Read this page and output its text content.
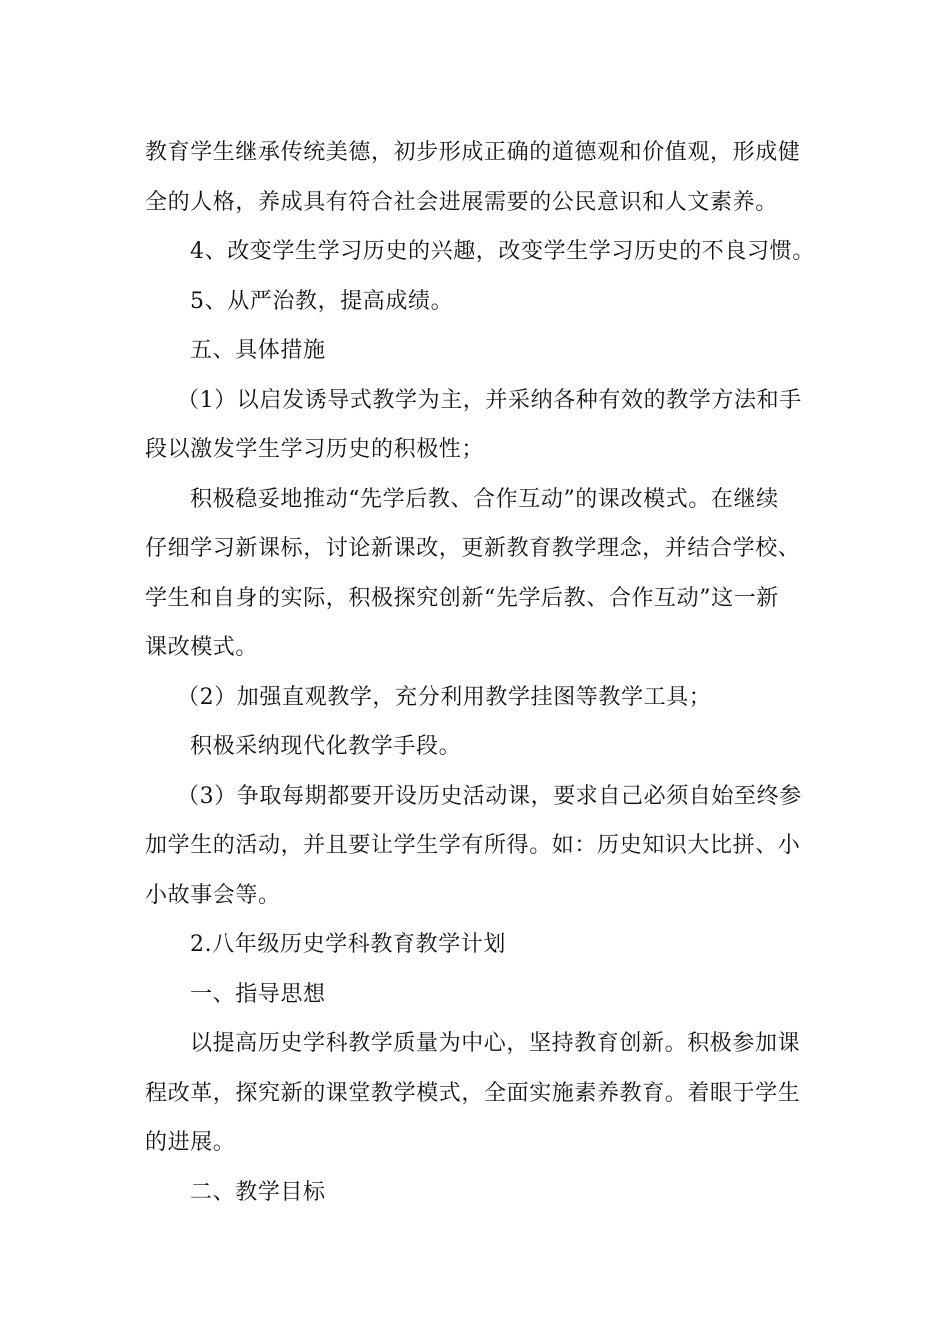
教育学生继承传统美德，初步形成正确的道德观和价值观，形成健
全的人格，养成具有符合社会进展需要的公民意识和人文素养。
4、改变学生学习历史的兴趣，改变学生学习历史的不良习惯。
5、从严治教，提高成绩。
五、具体措施
（1）以启发诱导式教学为主，并采纳各种有效的教学方法和手
段以激发学生学习历史的积极性；
积极稳妥地推动“先学后教、合作互动”的课改模式。在继续
仔细学习新课标，讨论新课改，更新教育教学理念，并结合学校、
学生和自身的实际，积极探究创新“先学后教、合作互动”这一新
课改模式。
（2）加强直观教学，充分利用教学挂图等教学工具；
积极采纳现代化教学手段。
（3）争取每期都要开设历史活动课，要求自己必须自始至终参
加学生的活动，并且要让学生学有所得。如：历史知识大比拼、小
小故事会等。
2.八年级历史学科教育教学计划
一、指导思想
以提高历史学科教学质量为中心，坚持教育创新。积极参加课
程改革，探究新的课堂教学模式，全面实施素养教育。着眼于学生
的进展。
二、教学目标
